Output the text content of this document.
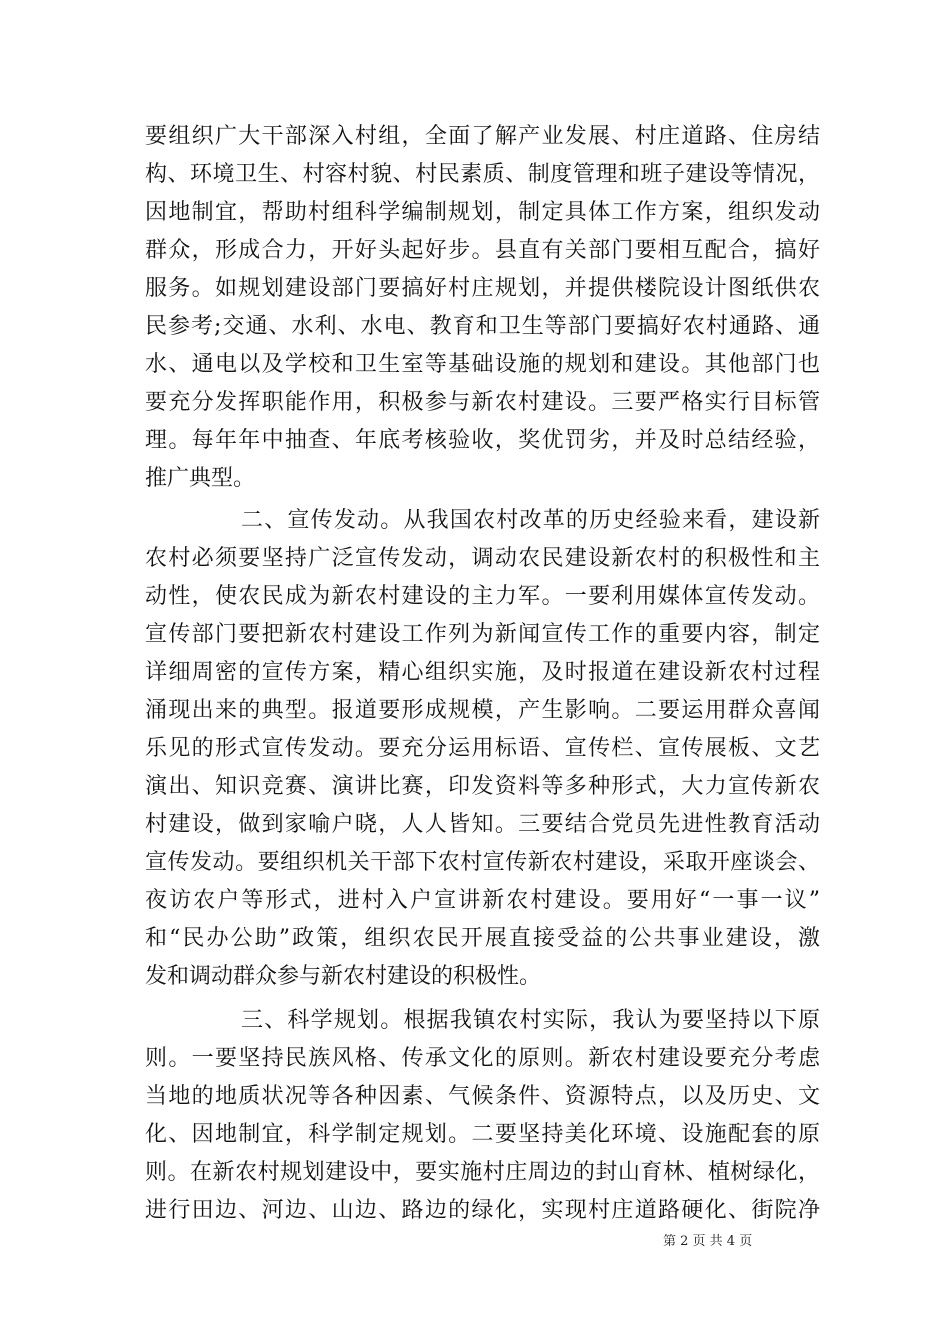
要组织广大干部深入村组，全面了解产业发展、村庄道路、住房结
构、环境卫生、村容村貌、村民素质、制度管理和班子建设等情况，
因地制宜，帮助村组科学编制规划，制定具体工作方案，组织发动
群众，形成合力，开好头起好步。县直有关部门要相互配合，搞好
服务。如规划建设部门要搞好村庄规划，并提供楼院设计图纸供农
民参考;交通、水利、水电、教育和卫生等部门要搞好农村通路、通
水、通电以及学校和卫生室等基础设施的规划和建设。其他部门也
要充分发挥职能作用，积极参与新农村建设。三要严格实行目标管
理。每年年中抽查、年底考核验收，奖优罚劣，并及时总结经验，
推广典型。
二、宣传发动。从我国农村改革的历史经验来看，建设新
农村必须要坚持广泛宣传发动，调动农民建设新农村的积极性和主
动性，使农民成为新农村建设的主力军。一要利用媒体宣传发动。
宣传部门要把新农村建设工作列为新闻宣传工作的重要内容，制定
详细周密的宣传方案，精心组织实施，及时报道在建设新农村过程
涌现出来的典型。报道要形成规模，产生影响。二要运用群众喜闻
乐见的形式宣传发动。要充分运用标语、宣传栏、宣传展板、文艺
演出、知识竞赛、演讲比赛，印发资料等多种形式，大力宣传新农
村建设，做到家喻户晓，人人皆知。三要结合党员先进性教育活动
宣传发动。要组织机关干部下农村宣传新农村建设，采取开座谈会、
夜访农户等形式，进村入户宣讲新农村建设。要用好“一事一议”
和“民办公助”政策，组织农民开展直接受益的公共事业建设，激
发和调动群众参与新农村建设的积极性。
三、科学规划。根据我镇农村实际，我认为要坚持以下原
则。一要坚持民族风格、传承文化的原则。新农村建设要充分考虑
当地的地质状况等各种因素、气候条件、资源特点，以及历史、文
化、因地制宜，科学制定规划。二要坚持美化环境、设施配套的原
则。在新农村规划建设中，要实施村庄周边的封山育林、植树绿化，
进行田边、河边、山边、路边的绿化，实现村庄道路硬化、街院净
第 2 页 共 4 页
